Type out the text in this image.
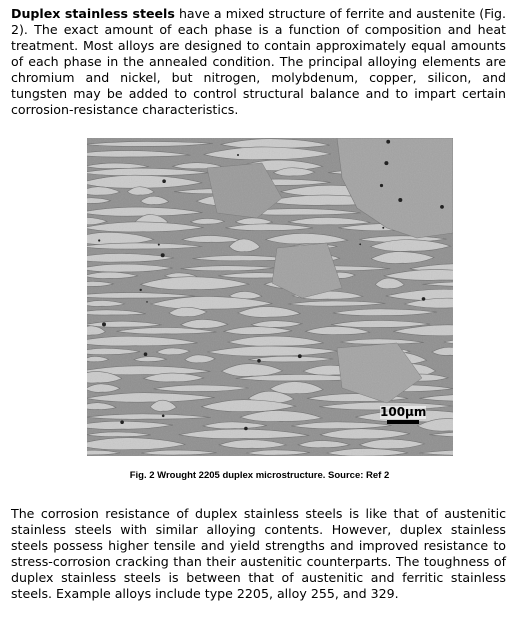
Duplex stainless steels have a mixed structure of ferrite and austenite (Fig. 2). The exact amount of each phase is a function of composition and heat treatment. Most alloys are designed to contain approximately equal amounts of each phase in the annealed condition. The principal alloying elements are chromium and nickel, but nitrogen, molybdenum, copper, silicon, and tungsten may be added to control structural balance and to impart certain corrosion-resistance characteristics.

100μm

Fig. 2 Wrought 2205 duplex microstructure. Source: Ref 2

The corrosion resistance of duplex stainless steels is like that of austenitic stainless steels with similar alloying contents. However, duplex stainless steels possess higher tensile and yield strengths and improved resistance to stress-corrosion cracking than their austenitic counterparts. The toughness of duplex stainless steels is between that of austenitic and ferritic stainless steels. Example alloys include type 2205, alloy 255, and 329.
